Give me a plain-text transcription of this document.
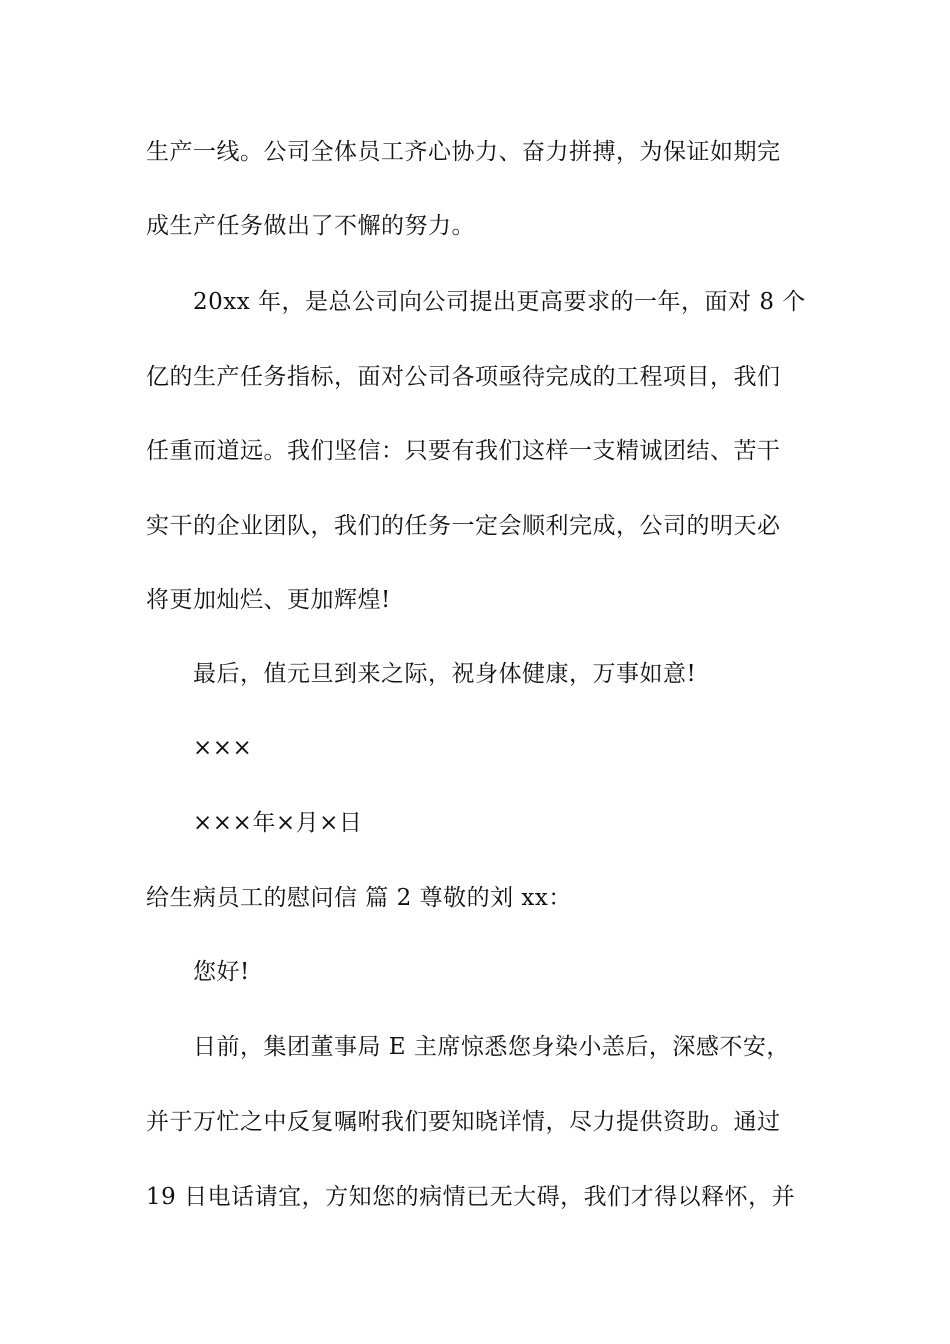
生产一线。公司全体员工齐心协力、奋力拼搏，为保证如期完
成生产任务做出了不懈的努力。
20xx 年，是总公司向公司提出更高要求的一年，面对 8 个
亿的生产任务指标，面对公司各项亟待完成的工程项目，我们
任重而道远。我们坚信：只要有我们这样一支精诚团结、苦干
实干的企业团队，我们的任务一定会顺利完成，公司的明天必
将更加灿烂、更加辉煌!
最后，值元旦到来之际，祝身体健康，万事如意!
×××
×××年×月×日
给生病员工的慰问信 篇 2 尊敬的刘 xx：
您好!
日前，集团董事局 E 主席惊悉您身染小恙后，深感不安，
并于万忙之中反复嘱咐我们要知晓详情，尽力提供资助。通过
19 日电话请宜，方知您的病情已无大碍，我们才得以释怀，并
